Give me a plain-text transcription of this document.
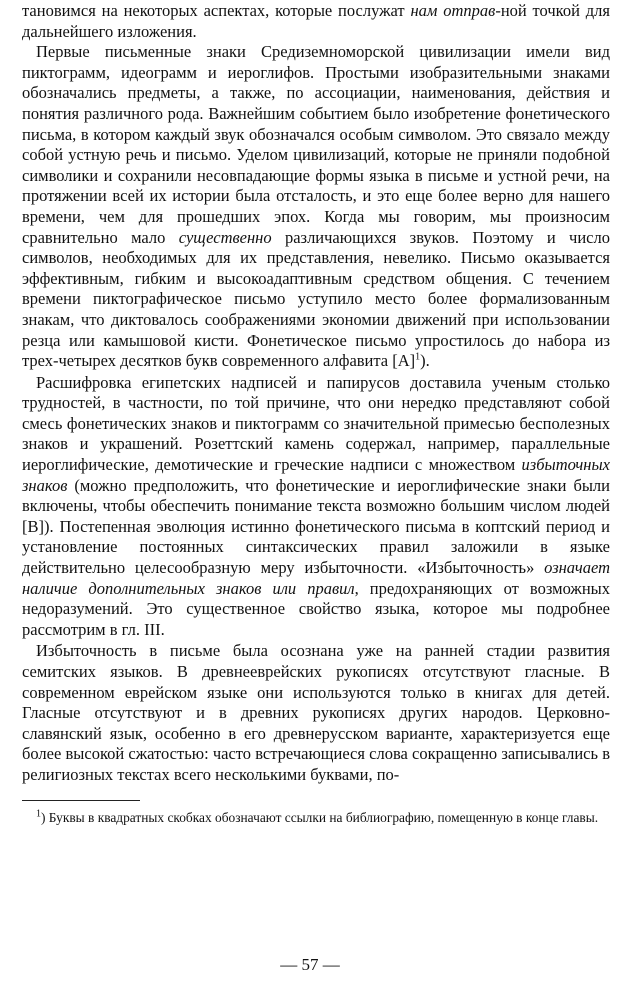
тановимся на некоторых аспектах, которые послужат нам отправ-ной точкой для дальнейшего изложения.

Первые письменные знаки Средиземноморской цивилизации имели вид пиктограмм, идеограмм и иероглифов. Простыми изобразительными знаками обозначались предметы, а также, по ассоциации, наименования, действия и понятия различного рода. Важнейшим событием было изобретение фонетического письма, в котором каждый звук обозначался особым символом. Это связало между собой устную речь и письмо. Уделом цивилизаций, которые не приняли подобной символики и сохранили несовпадающие формы языка в письме и устной речи, на протяжении всей их истории была отсталость, и это еще более верно для нашего времени, чем для прошедших эпох. Когда мы говорим, мы произносим сравнительно мало существенно различающихся звуков. Поэтому и число символов, необходимых для их представления, невелико. Письмо оказывается эффективным, гибким и высокоадаптивным средством общения. С течением времени пиктографическое письмо уступило место более формализованным знакам, что диктовалось соображениями экономии движений при использовании резца или камышовой кисти. Фонетическое письмо упростилось до набора из трех-четырех десятков букв современного алфавита $[A]^1$).

Расшифровка египетских надписей и папирусов доставила ученым столько трудностей, в частности, по той причине, что они нередко представляют собой смесь фонетических знаков и пиктограмм со значительной примесью бесполезных знаков и украшений. Розеттский камень содержал, например, параллельные иероглифические, демотические и греческие надписи с множеством избыточных знаков (можно предположить, что фонетические и иероглифические знаки были включены, чтобы обеспечить понимание текста возможно большим числом людей [B]). Постепенная эволюция истинно фонетического письма в коптский период и установление постоянных синтаксических правил заложили в языке действительно целесообразную меру избыточности. «Избыточность» означает наличие дополнительных знаков или правил, предохраняющих от возможных недоразумений. Это существенное свойство языка, которое мы подробнее рассмотрим в гл. III.

Избыточность в письме была осознана уже на ранней стадии развития семитских языков. В древнееврейских рукописях отсутствуют гласные. В современном еврейском языке они используются только в книгах для детей. Гласные отсутствуют и в древних рукописях других народов. Церковно-славянский язык, особенно в его древнерусском варианте, характеризуется еще более высокой сжатостью: часто встречающиеся слова сокращенно записывались в религиозных текстах всего несколькими буквами, по-

$^1$) Буквы в квадратных скобках обозначают ссылки на библиографию, помещенную в конце главы.

— 57 —
